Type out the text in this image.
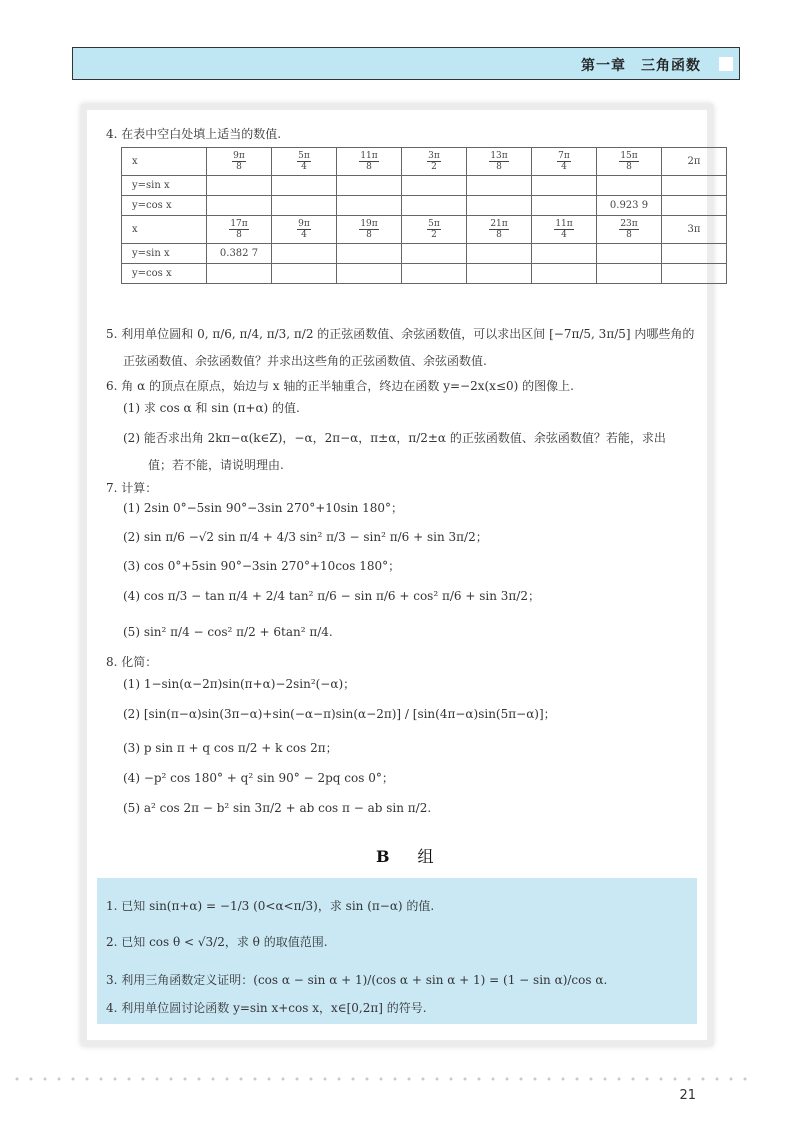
第一章　三角函数
4. 在表中空白处填上适当的数值.
x	$\frac{9\pi}{8}$	$\frac{5\pi}{4}$	$\frac{11\pi}{8}$	$\frac{3\pi}{2}$	$\frac{13\pi}{8}$	$\frac{7\pi}{4}$	$\frac{15\pi}{8}$	2π
y=sin x								
y=cos x							0.923 9	
x	$\frac{17\pi}{8}$	$\frac{9\pi}{4}$	$\frac{19\pi}{8}$	$\frac{5\pi}{2}$	$\frac{21\pi}{8}$	$\frac{11\pi}{4}$	$\frac{23\pi}{8}$	3π
y=sin x	0.382 7							
y=cos x								
5. 利用单位圆和 0, π/6, π/4, π/3, π/2 的正弦函数值、余弦函数值，可以求出区间 [−7π/5, 3π/5] 内哪些角的
正弦函数值、余弦函数值？并求出这些角的正弦函数值、余弦函数值.
6. 角 α 的顶点在原点，始边与 x 轴的正半轴重合，终边在函数 y=−2x(x≤0) 的图像上.
(1) 求 cos α 和 sin (π+α) 的值.
(2) 能否求出角 2kπ−α(k∈Z)，−α，2π−α，π±α，π/2±α 的正弦函数值、余弦函数值？若能，求出
值；若不能，请说明理由.
7. 计算：
(1) 2sin 0°−5sin 90°−3sin 270°+10sin 180°；
(2) sin π/6 −√2 sin π/4 + 4/3 sin² π/3 − sin² π/6 + sin 3π/2；
(3) cos 0°+5sin 90°−3sin 270°+10cos 180°；
(4) cos π/3 − tan π/4 + 2/4 tan² π/6 − sin π/6 + cos² π/6 + sin 3π/2；
(5) sin² π/4 − cos² π/2 + 6tan² π/4.
8. 化简：
(1) 1−sin(α−2π)sin(π+α)−2sin²(−α)；
(2) [sin(π−α)sin(3π−α)+sin(−α−π)sin(α−2π)] / [sin(4π−α)sin(5π−α)]；
(3) p sin π + q cos π/2 + k cos 2π；
(4) −p² cos 180° + q² sin 90° − 2pq cos 0°；
(5) a² cos 2π − b² sin 3π/2 + ab cos π − ab sin π/2.
B 组
1. 已知 sin(π+α) = −1/3 (0<α<π/3)，求 sin (π−α) 的值.
2. 已知 cos θ < √3/2，求 θ 的取值范围.
3. 利用三角函数定义证明：(cos α − sin α + 1)/(cos α + sin α + 1) = (1 − sin α)/cos α.
4. 利用单位圆讨论函数 y=sin x+cos x，x∈[0,2π] 的符号.
21
